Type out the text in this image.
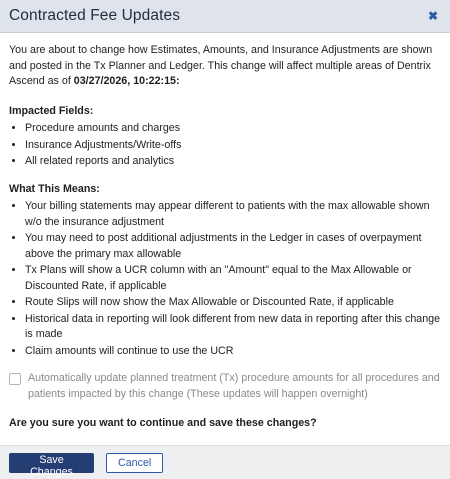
Contracted Fee Updates	✖

You are about to change how Estimates, Amounts, and Insurance Adjustments are shown and posted in the Tx Planner and Ledger. This change will affect multiple areas of Dentrix Ascend as of 03/27/2026, 10:22:15:

Impacted Fields:
• Procedure amounts and charges
• Insurance Adjustments/Write-offs
• All related reports and analytics
What This Means:
• Your billing statements may appear different to patients with the max allowable shown w/o the insurance adjustment
• You may need to post additional adjustments in the Ledger in cases of overpayment above the primary max allowable
• Tx Plans will show a UCR column with an "Amount" equal to the Max Allowable or Discounted Rate, if applicable
• Route Slips will now show the Max Allowable or Discounted Rate, if applicable
• Historical data in reporting will look different from new data in reporting after this change is made
• Claim amounts will continue to use the UCR
Automatically update planned treatment (Tx) procedure amounts for all procedures and patients impacted by this change (These updates will happen overnight)
Are you sure you want to continue and save these changes?
Save Changes
Cancel
